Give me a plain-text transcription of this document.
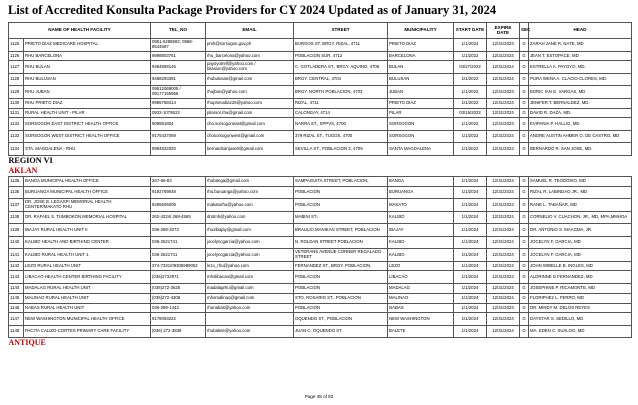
List of Accredited Konsulta Package Providers for CY 2024 Updated as of January 31, 2024
NAME OF HEALTH FACILITY		TEL_NO	EMAIL	STREET	MUNICIPALITY	START DATE	EXPIRE DATE	SEC	HEAD
1125	PRIETO DIAZ MEDICARE HOSPITAL	0951-6285582; 0968-8544687	pmh@sorsogon.gov.ph	BURGOS ST. BRGY. RIZAL, 4711	PRIETO DIAZ	1/1/2024	12/31/2024	G	ZARAH JANE R. NATE, MD
1126	RHU BARCELONA	9998803761	rhu_barcelona@yahoo.com	POBLACION SUR, 4712	BARCELONA	1/1/2022	12/31/2024	G	JEAN T. ESTOPACE, MD
1127	RHU BULAN	9484899146	payoyotrell@yahoo.com / bilasion@yahoo.com	C. GOTLADERA ST., BRGY. AQUINO, 4706	BULAN	04/27/2022	12/31/2024	G	ESTRELLA A. PAYOYO, MD.
1128	RHU BULUSAN	9468293391	rhubulusan@gmail.com	BRGY. CENTRAL, 4704	BULUSAN	1/1/2022	12/31/2024	G	PURA WENA A. CLACIO-CLORES, MD.
1129	RHU JUBAN	09512069005 / 09177155965	rhujban@yahoo.com	BRGY. NORTH POBLACION, 4703	JUBAN	1/1/2022	12/31/2024	G	EDRIC IAN G. VARGAS, MD
1130	RHU PRIETO DIAZ	9985768414	rhuprietodiaz26@yahoo.com	RIZAL, 4711	PRIETO DIAZ	1/1/2022	12/31/2024	G	JENIFER T. BERNALDEZ, MD.
1131	RURAL HEALTH UNIT - PILAR	0932-1079522	pilarsor.rhu@gmail.com	CALONGAY, 4714	PILAR	03/16/2022	12/31/2024	G	DAVID R. DAZA, MD.
1132	SORSOGON EAST DISTRICT HEALTH OFFICE	908881804	cho.sorsogoneast@gmail.com	NARRA ST., SPPVS, 4700	SORSOGON	1/1/2022	12/31/2024	G	EVIPANIA P. HALLIG, MD
1133	SORSOGON WEST DISTRICT HEALTH OFFICE	9175437069	chosorsogonwest@gmail.com	379 RIZAL ST., TUGOS, 4700	SORSOGON	1/1/2022	12/31/2024	G	ANDRE AUSTIN AHMER O. DE CASTRO, MD
1134	STA. MAGDALENA - RHU	9984832020	bernardsanjose0@gmail.com	SEVILLA ST., POBLACION 3, 4709	SANTA MAGDALENA	1/1/2022	12/31/2024	G	BERNARDO R. SAN JOSE, MD.
REGION VI									
AKLAN									
1135	BANGA MUNICIPAL HEALTH OFFICE	267-65-83	rhubanga@gmail.com	SAMPAGUITA STREET, POBLACION,	BANGA	1/1/2024	12/31/2024	G	SAMUEL R. TEODOSIO, MD
1136	BURUANGA MUNICIPAL HEALTH OFFICE	9192769048	rhu.buruanga@yahoo.com	POBLACION	BURUANGA	1/1/2024	12/31/2024	G	RIZAL R. LABINDAO JR., MD
1137	DR. JOSE B. LEGASPI MEMORIAL HEALTH CENTER/MAKATO RHU	9285505009	makatorhu@yahoo.com	POBLACION	MAKATO	1/1/2024	12/31/2024	G	RANE L. TABAÑAR, MD
1138	DR. RAFAEL S. TUMBOKON MEMORIAL HOSPITAL	262-4224/ 268-4565	drstmh@yahoo.com	MABINI ST.,	KALIBO	1/1/2024	12/31/2024	G	CORNELIO V. CUACHON, JR., MD, MPA,MMHOA
1139	IBAJAY RURAL HEALTH UNIT II	036-289-2073	rhu2ibajay@gmail.com	BRAULIO MANIKAN STREET, POBLACION	IBAJAY	1/1/2024	12/31/2024	G	DR. ANTONIO S. MAAGMA, JR.
1140	KALIBO HEALTH AND BIRTHING CENTER	036-2621741	jocelyncgarcia@yahoo.com	N. ROLDAN STREET POBLACION	KALIBO	1/1/2024	12/31/2024	G	JOCELYN F. GARCIA, MD
1141	KALIBO RURAL HEALTH UNIT 1	036-2621741	jocelyncgarcia@yahoo.com	VETERANS AVENUE CORNER REGALADO STREET	KALIBO	1/1/2024	12/31/2024	G	JOCELYN F. GARCIA, MD
1142	LEZO RURAL HEALTH UNIT	374-7331/09305989052	lezo_rhu@yahoo.com	FERNANDEZ ST., BRGY. POBLACION,	LEZO	1/1/2024	12/31/2024	G	JOHN WIBELLE B. INGLES, MD
1143	LIBACAO HEALTH CENTER BIRTHING FACILITY	(036)2732971	mholibacao@gmail.com	POBLACION	LIBACAO	1/1/2024	12/31/2024	G	ALDRINNE D.FERNANDEZ, MD
1144	MADALAG RURAL HEALTH UNIT	(036)272-3625	madalagrhu@gmail.com	POBLACION	MADALAG	1/1/2024	12/31/2024	G	JOSEPHINE P. RICAMONTE, MD
1145	MALINAO RURAL HEALTH UNIT	(036)272-4308	mhomalinao@gmail.com	STO. ROSARIO ST., POBLACION	MALINAO	1/1/2024	12/31/2024	G	FLORIPHE2 L. FERRO, MD
1146	NABAS RURAL HEALTH UNIT	036-289-1443	rhunabas@yahoo.com	POBLACION	NABAS	1/1/2024	12/31/2024	G	DR. MINDY M. DELOS REYES
1147	NEW WASHINGTON MUNICIPAL HEALTH OFFICE	9178093222		OQUENDO ST., POBLACION	NEW WASHINGTON	1/1/2024	12/31/2024	G	DAYSTAR S. SEDILLO, MD
1148	PACITA CALIZO-CORTES PRIMARY CARE FACILITY	(036) 272-3838	rhubalete@yahoo.com	JUAN C. OQUENDO ST.	BALETE	1/1/2024	12/31/2024	G	MA. EDEN C. SUALOG, MD
ANTIQUE									
Page 48 of 82
